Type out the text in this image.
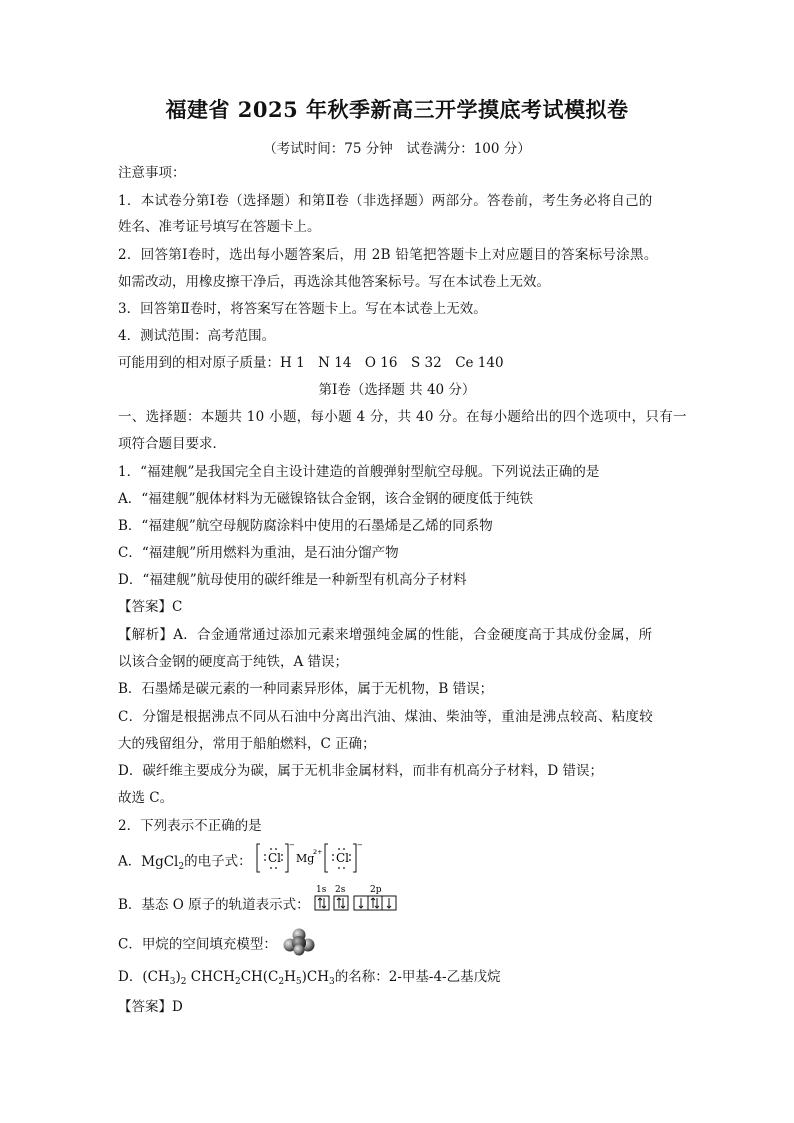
福建省 2025 年秋季新高三开学摸底考试模拟卷
（考试时间：75 分钟　试卷满分：100 分）
注意事项：
1．本试卷分第Ⅰ卷（选择题）和第Ⅱ卷（非选择题）两部分。答卷前，考生务必将自己的
姓名、准考证号填写在答题卡上。
2．回答第Ⅰ卷时，选出每小题答案后，用 2B 铅笔把答题卡上对应题目的答案标号涂黑。
如需改动，用橡皮擦干净后，再选涂其他答案标号。写在本试卷上无效。
3．回答第Ⅱ卷时，将答案写在答题卡上。写在本试卷上无效。
4．测试范围：高考范围。
可能用到的相对原子质量：H 1　N 14　O 16　S 32　Ce 140
第Ⅰ卷（选择题 共 40 分）
一、选择题：本题共 10 小题，每小题 4 分，共 40 分。在每小题给出的四个选项中，只有一
项符合题目要求．
1．“福建舰”是我国完全自主设计建造的首艘弹射型航空母舰。下列说法正确的是
A．“福建舰”舰体材料为无磁镍铬钛合金钢，该合金钢的硬度低于纯铁
B．“福建舰”航空母舰防腐涂料中使用的石墨烯是乙烯的同系物
C．“福建舰”所用燃料为重油，是石油分馏产物
D．“福建舰”航母使用的碳纤维是一种新型有机高分子材料
【答案】C
【解析】A．合金通常通过添加元素来增强纯金属的性能，合金硬度高于其成份金属，所
以该合金钢的硬度高于纯铁，A 错误；
B．石墨烯是碳元素的一种同素异形体，属于无机物，B 错误；
C．分馏是根据沸点不同从石油中分离出汽油、煤油、柴油等，重油是沸点较高、粘度较
大的残留组分，常用于船舶燃料，C 正确；
D．碳纤维主要成分为碳，属于无机非金属材料，而非有机高分子材料，D 错误；
故选 C。
2．下列表示不正确的是
A．MgCl$_2$的电子式： Cl
−
Mg
2+ Cl
−
B．基态 O 原子的轨道表示式：
1s 2s	2p
C．甲烷的空间填充模型：
D．$(CH_3)_2$ $CHCH_2CH(C_2H_5)CH_3$的名称：2-甲基-4-乙基戊烷
【答案】D
